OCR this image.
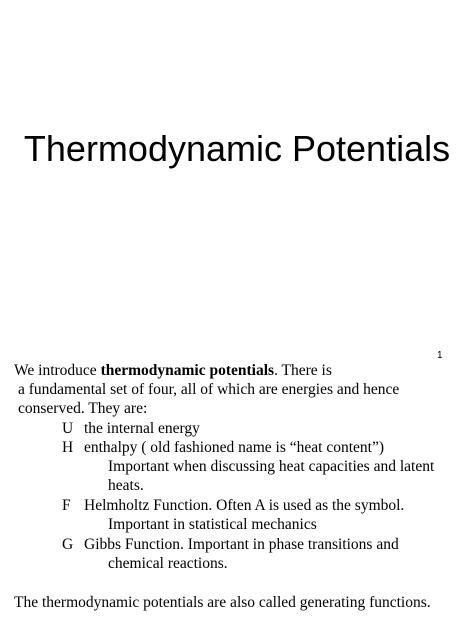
Thermodynamic Potentials
1
We introduce thermodynamic potentials. There is
a fundamental set of four, all of which are energies and hence
conserved. They are:
U the internal energy
H enthalpy ( old fashioned name is “heat content”)
Important when discussing heat capacities and latent
heats.
F Helmholtz Function. Often A is used as the symbol.
Important in statistical mechanics
G Gibbs Function. Important in phase transitions and
chemical reactions.
The thermodynamic potentials are also called generating functions.
